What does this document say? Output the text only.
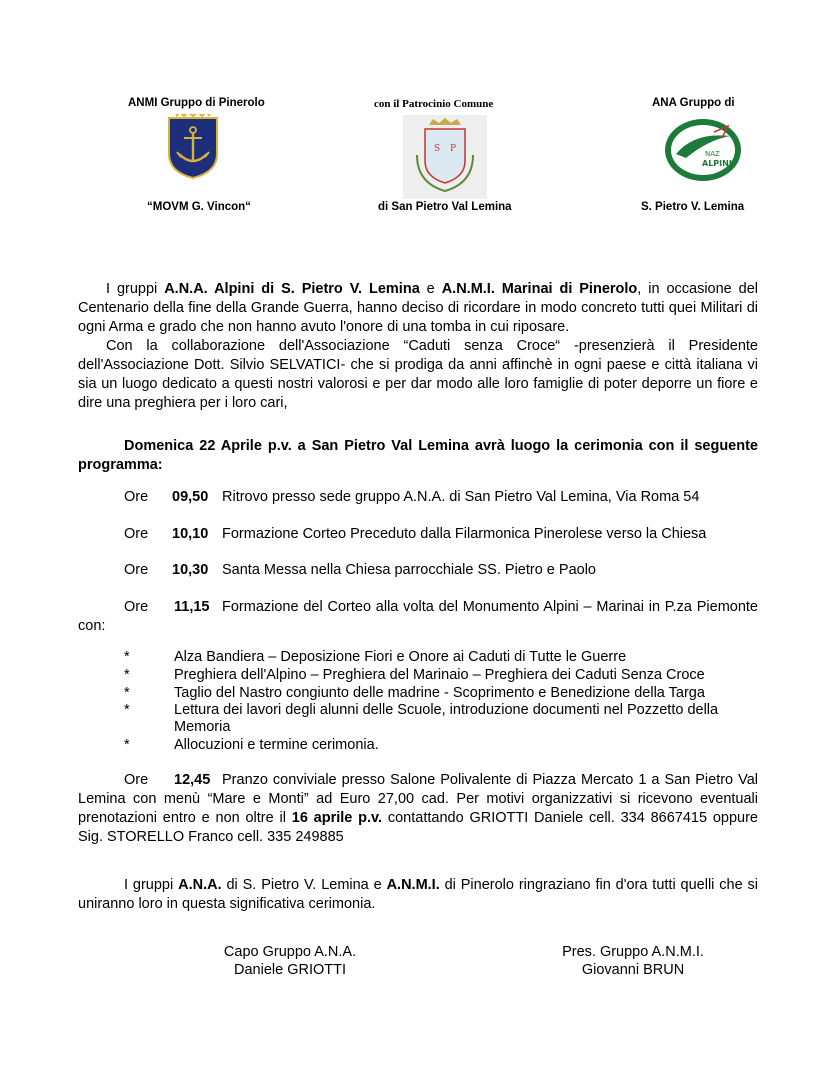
ANMI Gruppo di Pinerolo	con il Patrocinio Comune	ANA Gruppo di
S P	NAZ
ALPINI
“MOVM G. Vincon“	di San Pietro Val Lemina	S. Pietro V. Lemina
I gruppi A.N.A. Alpini di S. Pietro V. Lemina e A.N.M.I. Marinai di Pinerolo, in occasione del Centenario della fine della Grande Guerra, hanno deciso di ricordare in modo concreto tutti quei Militari di ogni Arma e grado che non hanno avuto l'onore di una tomba in cui riposare.
Con la collaborazione dell'Associazione “Caduti senza Croce“ -presenzierà il Presidente dell'Associazione Dott. Silvio SELVATICI- che si prodiga da anni affinchè in ogni paese e città italiana vi sia un luogo dedicato a questi nostri valorosi e per dar modo alle loro famiglie di poter deporre un fiore e dire una preghiera per i loro cari,
Domenica 22 Aprile p.v. a San Pietro Val Lemina avrà luogo la cerimonia con il seguente programma:
Ore 09,50 Ritrovo presso sede gruppo A.N.A. di San Pietro Val Lemina, Via Roma 54
Ore 10,10 Formazione Corteo Preceduto dalla Filarmonica Pinerolese verso la Chiesa
Ore 10,30 Santa Messa nella Chiesa parrocchiale SS. Pietro e Paolo
Ore 11,15 Formazione del Corteo alla volta del Monumento Alpini – Marinai in P.za Piemonte con:
*	Alza Bandiera – Deposizione Fiori e Onore ai Caduti di Tutte le Guerre
*	Preghiera dell'Alpino – Preghiera del Marinaio – Preghiera dei Caduti Senza Croce
*	Taglio del Nastro congiunto delle madrine - Scoprimento e Benedizione della Targa
*	Lettura dei lavori degli alunni delle Scuole, introduzione documenti nel Pozzetto della Memoria
*	Allocuzioni e termine cerimonia.
Ore 12,45 Pranzo conviviale presso Salone Polivalente di Piazza Mercato 1 a San Pietro Val Lemina con menù “Mare e Monti” ad Euro 27,00 cad. Per motivi organizzativi si ricevono eventuali prenotazioni entro e non oltre il 16 aprile p.v. contattando GRIOTTI Daniele cell. 334 8667415 oppure Sig. STORELLO Franco cell. 335 249885
I gruppi A.N.A. di S. Pietro V. Lemina e A.N.M.I. di Pinerolo ringraziano fin d'ora tutti quelli che si uniranno loro in questa significativa cerimonia.
Capo Gruppo A.N.A.
Daniele GRIOTTI
Pres. Gruppo A.N.M.I.
Giovanni BRUN
